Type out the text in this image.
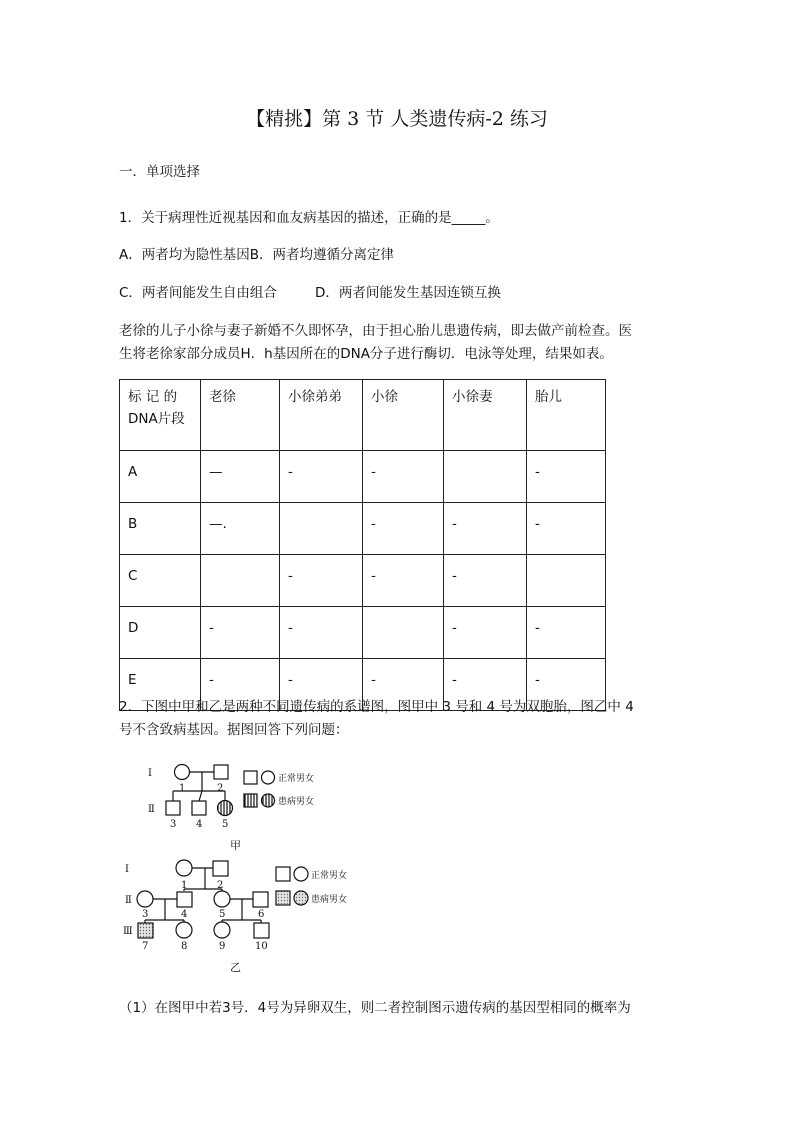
【精挑】第 3 节 人类遗传病-2 练习
一．单项选择
1．关于病理性近视基因和血友病基因的描述，正确的是_____。
A．两者均为隐性基因B．两者均遵循分离定律
C．两者间能发生自由组合	D．两者间能发生基因连锁互换
老徐的儿子小徐与妻子新婚不久即怀孕，由于担心胎儿患遗传病，即去做产前检查。医
生将老徐家部分成员H．h基因所在的DNA分子进行酶切．电泳等处理，结果如表。
标 记 的 DNA片段	老徐	小徐弟弟	小徐	小徐妻	胎儿
A	—	-	-		-
B	—.		-	-	-
C		-	-	-	
D	-	-		-	-
E	-	-	-	-	-
2．下图中甲和乙是两种不同遗传病的系谱图，图甲中 3 号和 4 号为双胞胎，图乙中 4
号不含致病基因。据图回答下列问题：
Ⅰ
Ⅱ
1	2
3 4 5
正常男女
患病男女
甲
Ⅰ
Ⅱ
Ⅲ
1	2
3	4	5	6
7	8	9	10
正常男女
患病男女
乙
（1）在图甲中若3号．4号为异卵双生，则二者控制图示遗传病的基因型相同的概率为
